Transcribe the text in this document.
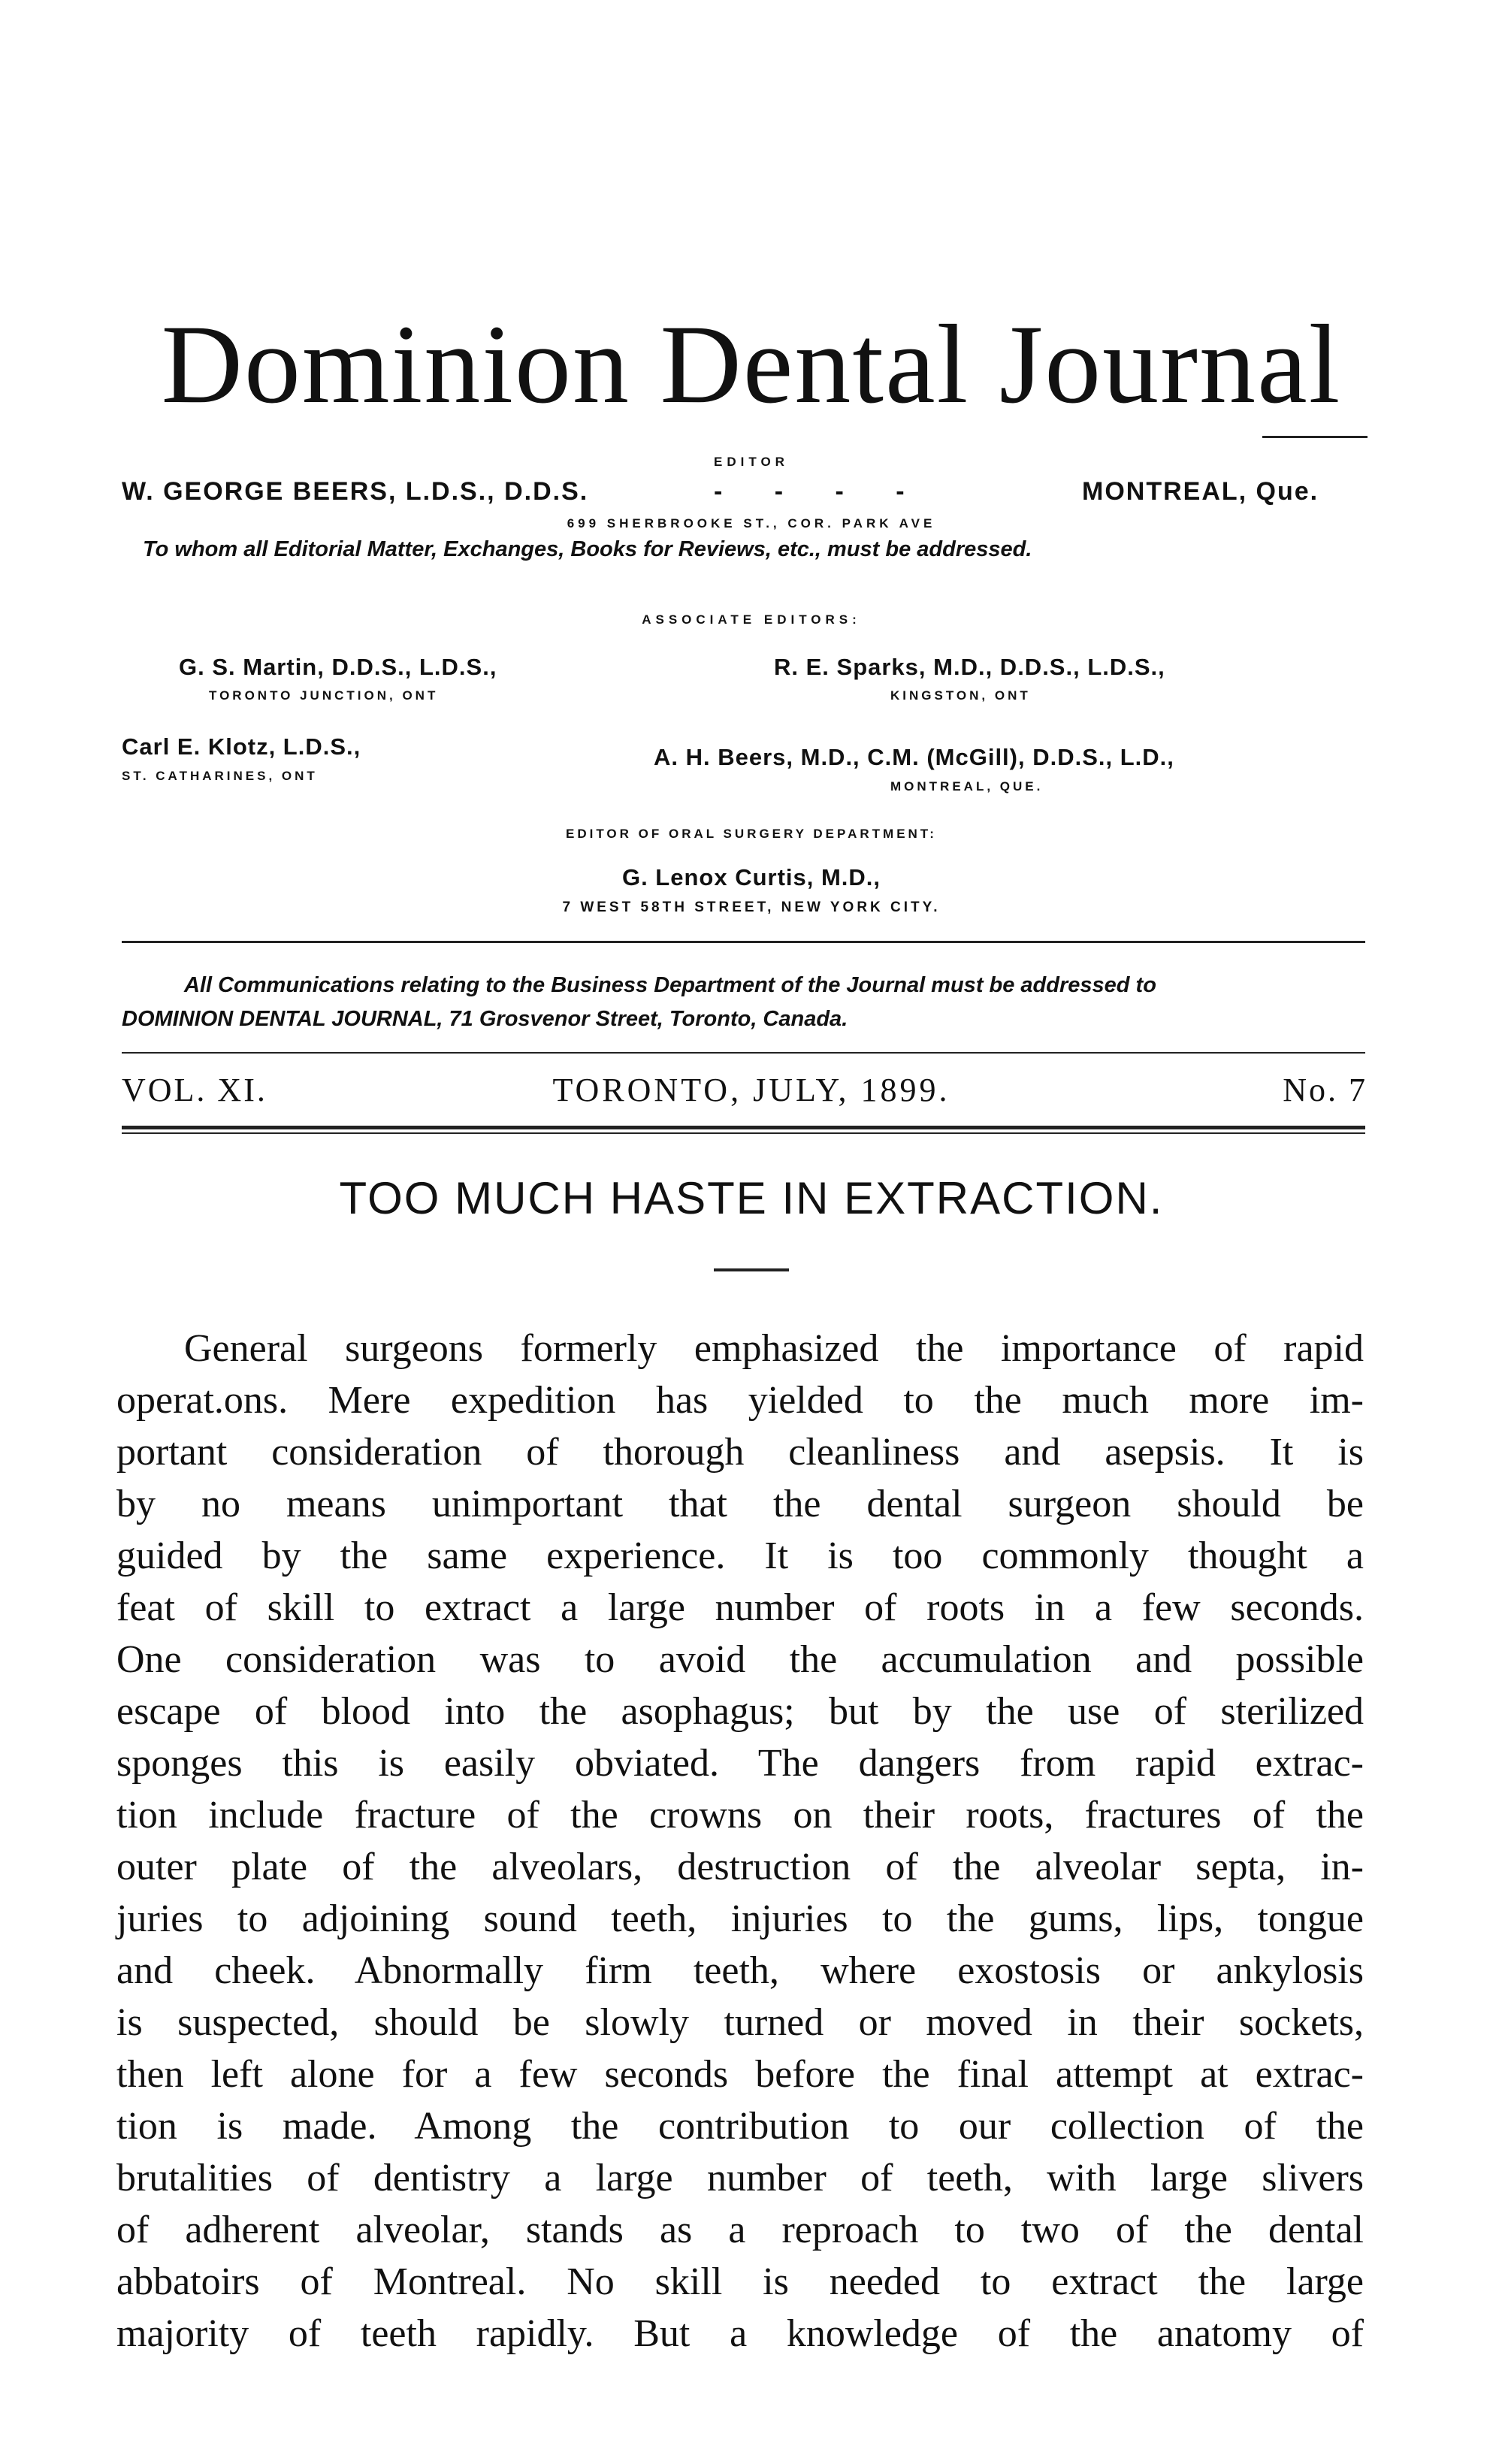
Dominion Dental Journal
EDITOR
W. GEORGE BEERS, L.D.S., D.D.S.	- - - -	MONTREAL, Que.
699 SHERBROOKE ST., COR. PARK AVE
To whom all Editorial Matter, Exchanges, Books for Reviews, etc., must be addressed.
ASSOCIATE EDITORS:
G. S. Martin, D.D.S., L.D.S.,
TORONTO JUNCTION, ONT
R. E. Sparks, M.D., D.D.S., L.D.S.,
KINGSTON, ONT
Carl E. Klotz, L.D.S.,
ST. CATHARINES, ONT
A. H. Beers, M.D., C.M. (McGill), D.D.S., L.D.,
MONTREAL, QUE.
EDITOR OF ORAL SURGERY DEPARTMENT:
G. Lenox Curtis, M.D.,
7 WEST 58TH STREET, NEW YORK CITY.
All Communications relating to the Business Department of the Journal must be addressed to
DOMINION DENTAL JOURNAL, 71 Grosvenor Street, Toronto, Canada.
VOL. XI.	TORONTO, JULY, 1899.	No. 7
TOO MUCH HASTE IN EXTRACTION.
General surgeons formerly emphasized the importance of rapid
operat.ons. Mere expedition has yielded to the much more im-
portant consideration of thorough cleanliness and asepsis. It is
by no means unimportant that the dental surgeon should be
guided by the same experience. It is too commonly thought a
feat of skill to extract a large number of roots in a few seconds.
One consideration was to avoid the accumulation and possible
escape of blood into the asophagus; but by the use of sterilized
sponges this is easily obviated. The dangers from rapid extrac-
tion include fracture of the crowns on their roots, fractures of the
outer plate of the alveolars, destruction of the alveolar septa, in-
juries to adjoining sound teeth, injuries to the gums, lips, tongue
and cheek. Abnormally firm teeth, where exostosis or ankylosis
is suspected, should be slowly turned or moved in their sockets,
then left alone for a few seconds before the final attempt at extrac-
tion is made. Among the contribution to our collection of the
brutalities of dentistry a large number of teeth, with large slivers
of adherent alveolar, stands as a reproach to two of the dental
abbatoirs of Montreal. No skill is needed to extract the large
majority of teeth rapidly. But a knowledge of the anatomy of
